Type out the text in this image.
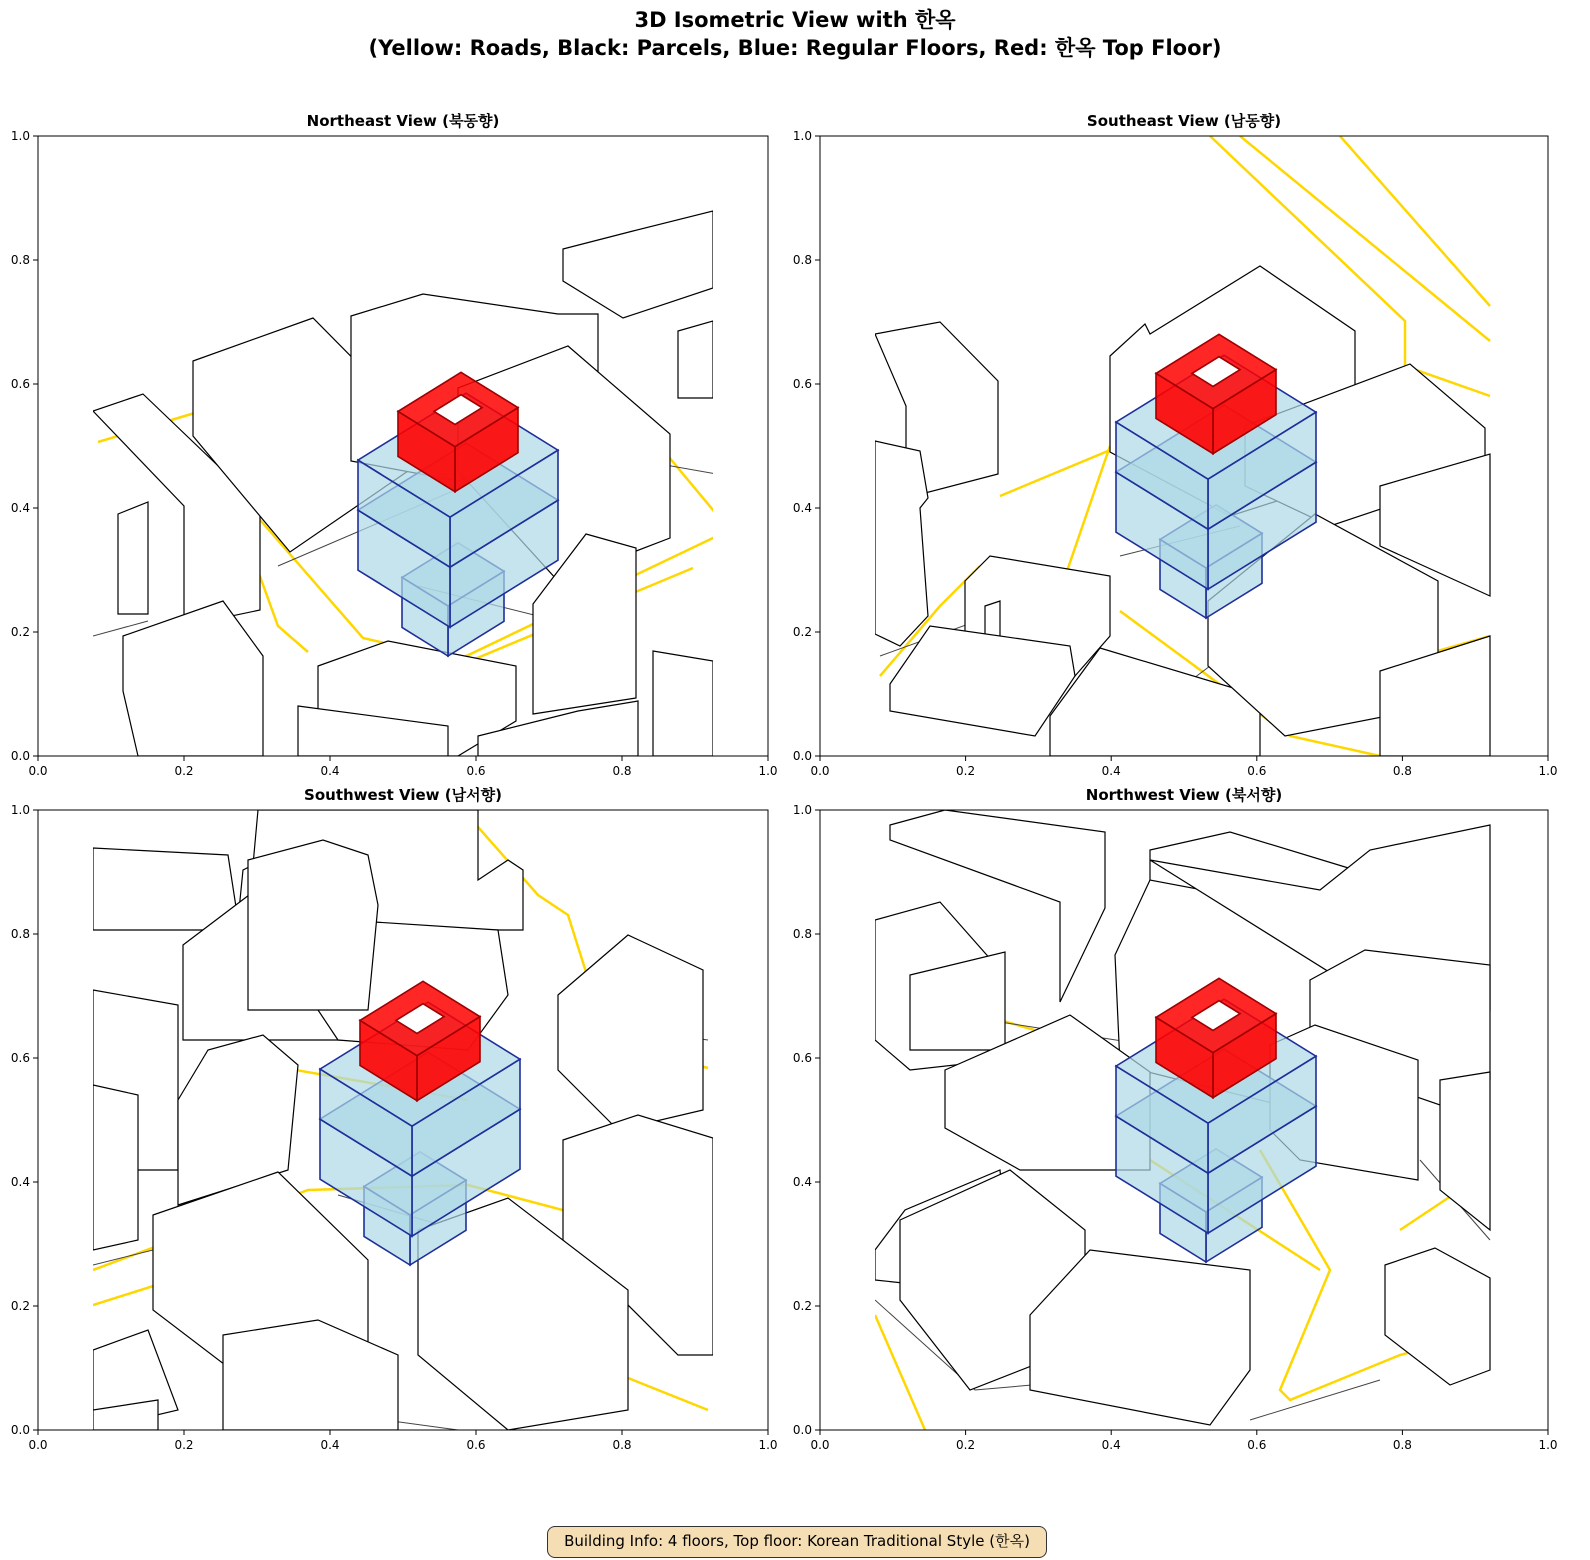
3D Isometric View with 한옥
(Yellow: Roads, Black: Parcels, Blue: Regular Floors, Red: 한옥 Top Floor)
Northeast View (북동향)
0.0	0.2	0.4	0.6	0.8	1.0
0.0
0.2
0.4
0.6
0.8
1.0
Southeast View (남동향)
0.0	0.2	0.4	0.6	0.8	1.0
0.0
0.2
0.4
0.6
0.8
1.0
Southwest View (남서향)
0.0	0.2	0.4	0.6	0.8	1.0
0.0
0.2
0.4
0.6
0.8
1.0
Northwest View (북서향)
0.0	0.2	0.4	0.6	0.8	1.0
0.0
0.2
0.4
0.6
0.8
1.0
Building Info: 4 floors, Top floor: Korean Traditional Style (한옥)
